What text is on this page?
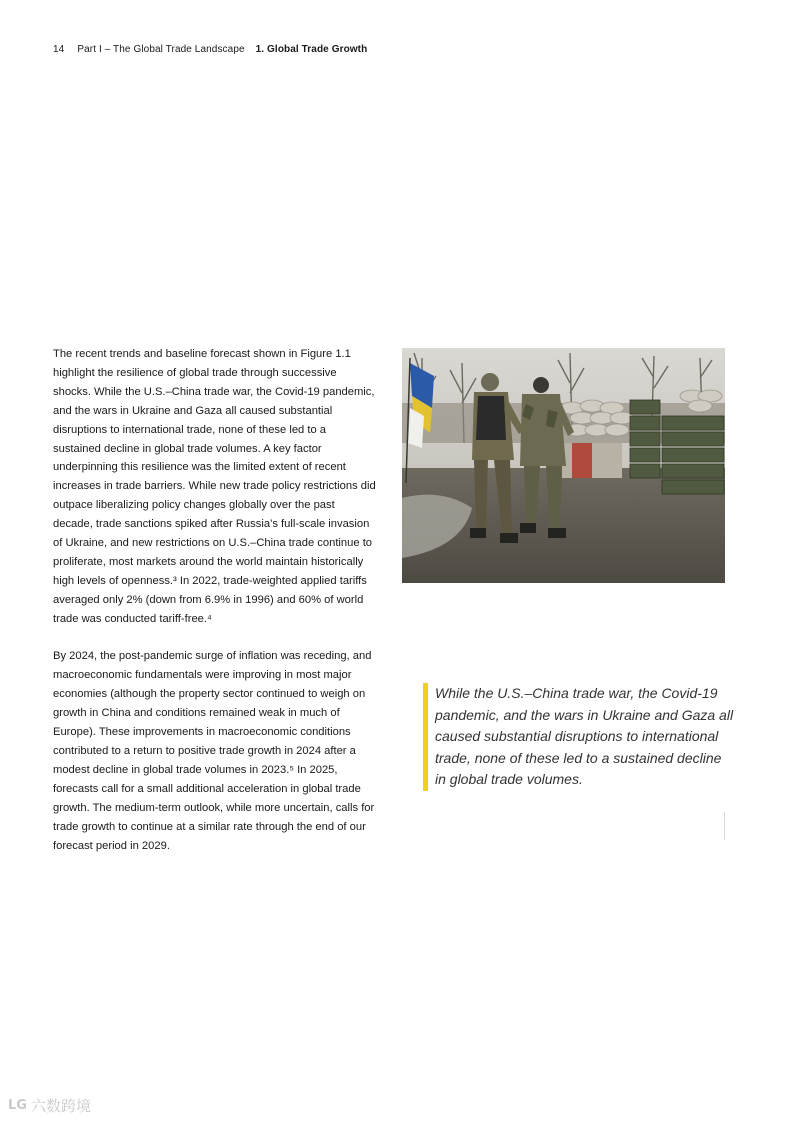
14 Part I – The Global Trade Landscape 1. Global Trade Growth

The recent trends and baseline forecast shown in Figure 1.1 highlight the resilience of global trade through successive shocks. While the U.S.–China trade war, the Covid-19 pandemic, and the wars in Ukraine and Gaza all caused substantial disruptions to international trade, none of these led to a sustained decline in global trade volumes. A key factor underpinning this resilience was the limited extent of recent increases in trade barriers. While new trade policy restrictions did outpace liberalizing policy changes globally over the past decade, trade sanctions spiked after Russia’s full-scale invasion of Ukraine, and new restrictions on U.S.–China trade continue to proliferate, most markets around the world maintain historically high levels of openness.³ In 2022, trade-weighted applied tariffs averaged only 2% (down from 6.9% in 1996) and 60% of world trade was conducted tariff-free.⁴

By 2024, the post-pandemic surge of inflation was receding, and macroeconomic fundamentals were improving in most major economies (although the property sector continued to weigh on growth in China and conditions remained weak in much of Europe). These improvements in macroeconomic conditions contributed to a return to positive trade growth in 2024 after a modest decline in global trade volumes in 2023.⁵ In 2025, forecasts call for a small additional acceleration in global trade growth. The medium-term outlook, while more uncertain, calls for trade growth to continue at a similar rate through the end of our forecast period in 2029.

While the U.S.–China trade war, the Covid-19 pandemic, and the wars in Ukraine and Gaza all caused substantial disruptions to international trade, none of these led to a sustained decline in global trade volumes.

LG 六数跨境
